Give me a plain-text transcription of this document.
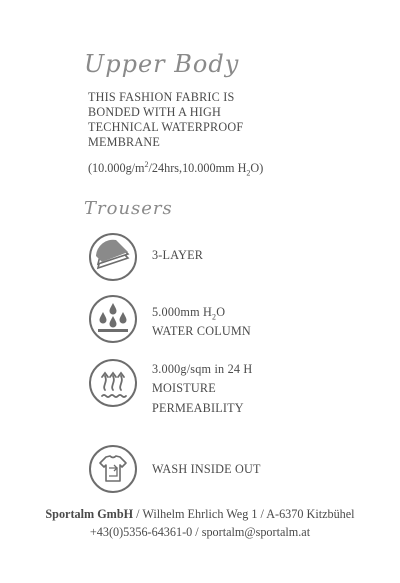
Upper Body
THIS FASHION FABRIC IS
BONDED WITH A HIGH
TECHNICAL WATERPROOF
MEMBRANE
($10.000g/m^2/24hrs,10.000mm$ $H_2O$)
Trousers
3-LAYER
5.000mm $H_2O$
WATER COLUMN
3.000g/sqm in 24 H
MOISTURE
PERMEABILITY
WASH INSIDE OUT
Sportalm GmbH / Wilhelm Ehrlich Weg 1 / A-6370 Kitzbühel
+43(0)5356-64361-0 / sportalm@sportalm.at
